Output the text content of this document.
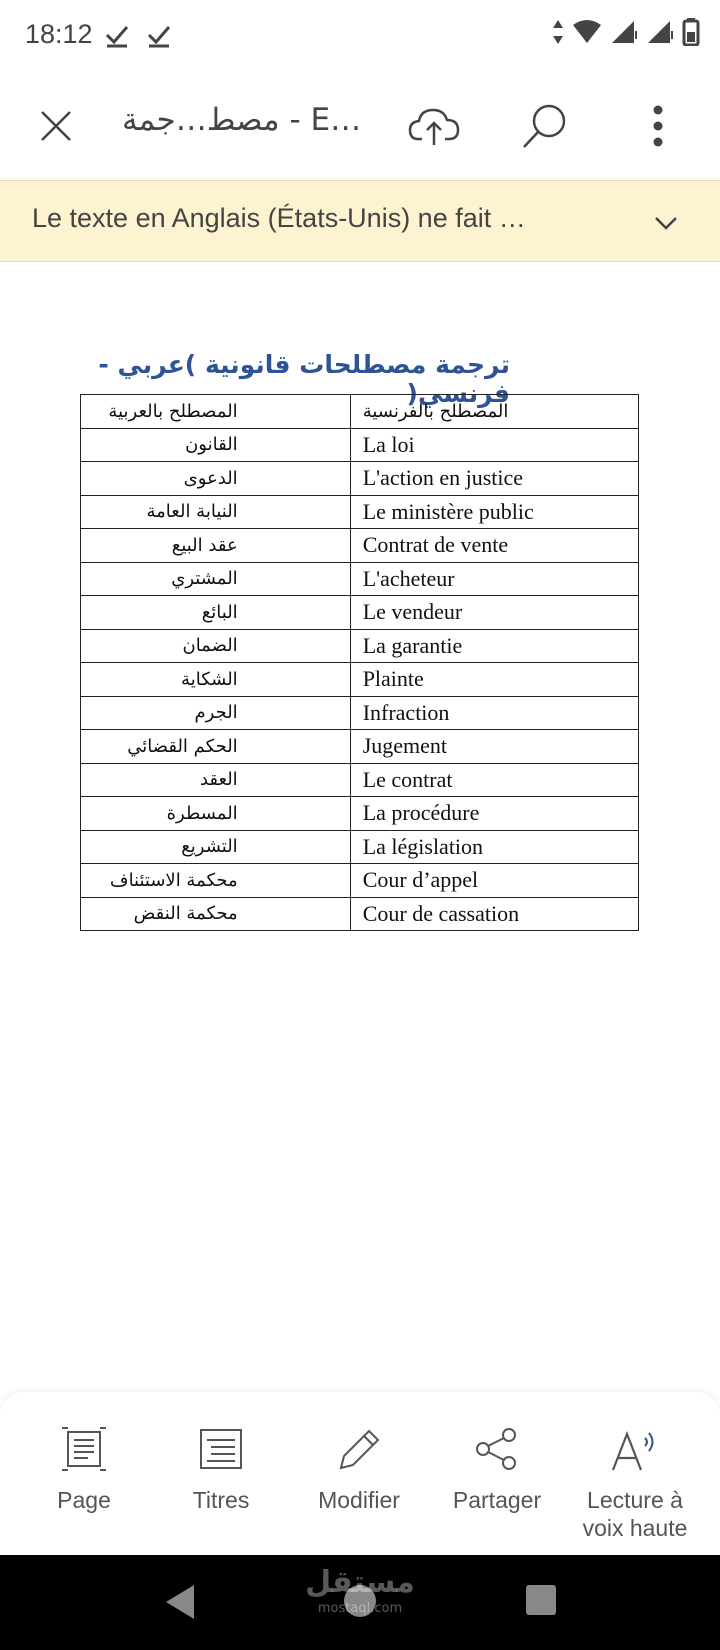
18:12
مصط…جمة - E…
Le texte en Anglais (États-Unis) ne fait …
ترجمة مصطلحات قانونية )عربي - فرنسي(
المصطلح بالعربية	المصطلح بالفرنسية

القانون	La loi

الدعوى	L'action en justice

النيابة العامة	Le ministère public

عقد البيع	Contrat de vente

المشتري	L'acheteur

البائع	Le vendeur

الضمان	La garantie

الشكاية	Plainte

الجرم	Infraction

الحكم القضائي	Jugement

العقد	Le contrat

المسطرة	La procédure

التشريع	La législation

محكمة الاستئناف	Cour d’appel

محكمة النقض	Cour de cassation
Page	Titres	Modifier	Partager	Lecture à voix haute
مستقل
mostaql.com
